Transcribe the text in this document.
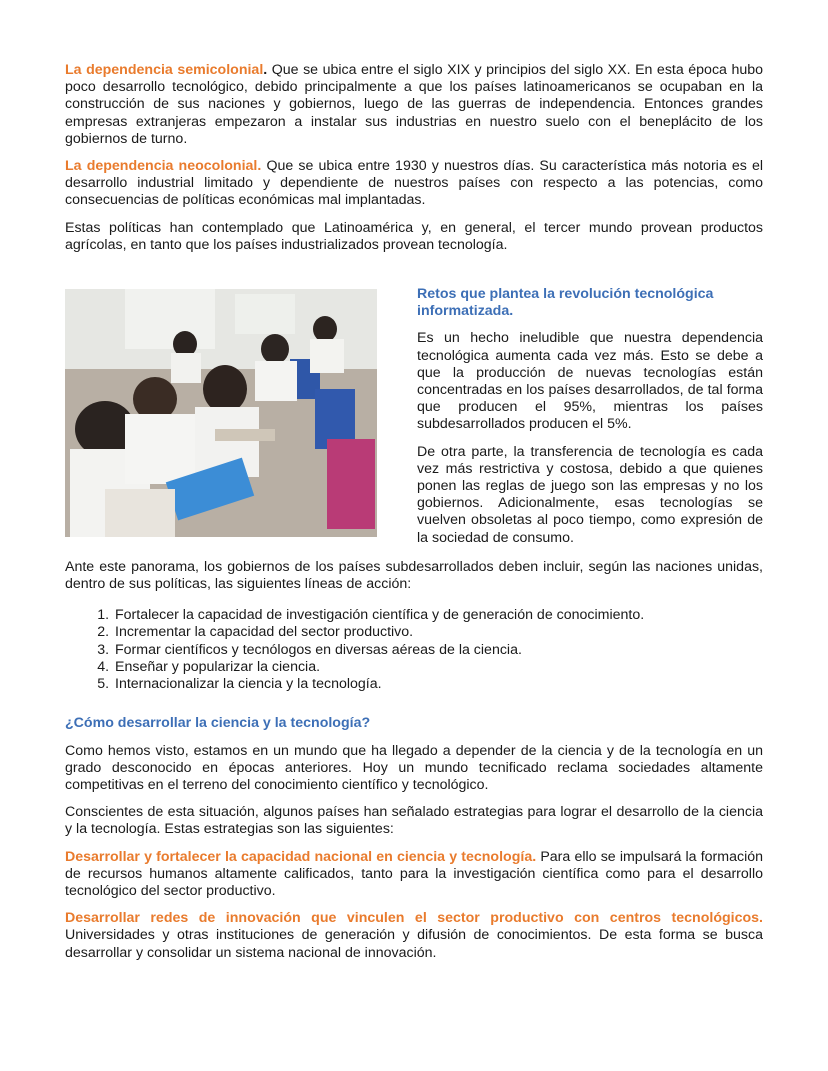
La dependencia semicolonial. Que se ubica entre el siglo XIX y principios del siglo XX. En esta época hubo poco desarrollo tecnológico, debido principalmente a que los países latinoamericanos se ocupaban en la construcción de sus naciones y gobiernos, luego de las guerras de independencia. Entonces grandes empresas extranjeras empezaron a instalar sus industrias en nuestro suelo con el beneplácito de los gobiernos de turno.

La dependencia neocolonial. Que se ubica entre 1930 y nuestros días. Su característica más notoria es el desarrollo industrial limitado y dependiente de nuestros países con respecto a las potencias, como consecuencias de políticas económicas mal implantadas.

Estas políticas han contemplado que Latinoamérica y, en general, el tercer mundo provean productos agrícolas, en tanto que los países industrializados provean tecnología.

Retos que plantea la revolución tecnológica informatizada.

Es un hecho ineludible que nuestra dependencia tecnológica aumenta cada vez más. Esto se debe a que la producción de nuevas tecnologías están concentradas en los países desarrollados, de tal forma que producen el 95%, mientras los países subdesarrollados producen el 5%.

De otra parte, la transferencia de tecnología es cada vez más restrictiva y costosa, debido a que quienes ponen las reglas de juego son las empresas y no los gobiernos. Adicionalmente, esas tecnologías se vuelven obsoletas al poco tiempo, como expresión de la sociedad de consumo.

Ante este panorama, los gobiernos de los países subdesarrollados deben incluir, según las naciones unidas, dentro de sus políticas, las siguientes líneas de acción:

1. Fortalecer la capacidad de investigación científica y de generación de conocimiento.
2. Incrementar la capacidad del sector productivo.
3. Formar científicos y tecnólogos en diversas aéreas de la ciencia.
4. Enseñar y popularizar la ciencia.
5. Internacionalizar la ciencia y la tecnología.
¿Cómo desarrollar la ciencia y la tecnología?

Como hemos visto, estamos en un mundo que ha llegado a depender de la ciencia y de la tecnología en un grado desconocido en épocas anteriores. Hoy un mundo tecnificado reclama sociedades altamente competitivas en el terreno del conocimiento científico y tecnológico.

Conscientes de esta situación, algunos países han señalado estrategias para lograr el desarrollo de la ciencia y la tecnología. Estas estrategias son las siguientes:

Desarrollar y fortalecer la capacidad nacional en ciencia y tecnología. Para ello se impulsará la formación de recursos humanos altamente calificados, tanto para la investigación científica como para el desarrollo tecnológico del sector productivo.

Desarrollar redes de innovación que vinculen el sector productivo con centros tecnológicos. Universidades y otras instituciones de generación y difusión de conocimientos. De esta forma se busca desarrollar y consolidar un sistema nacional de innovación.
